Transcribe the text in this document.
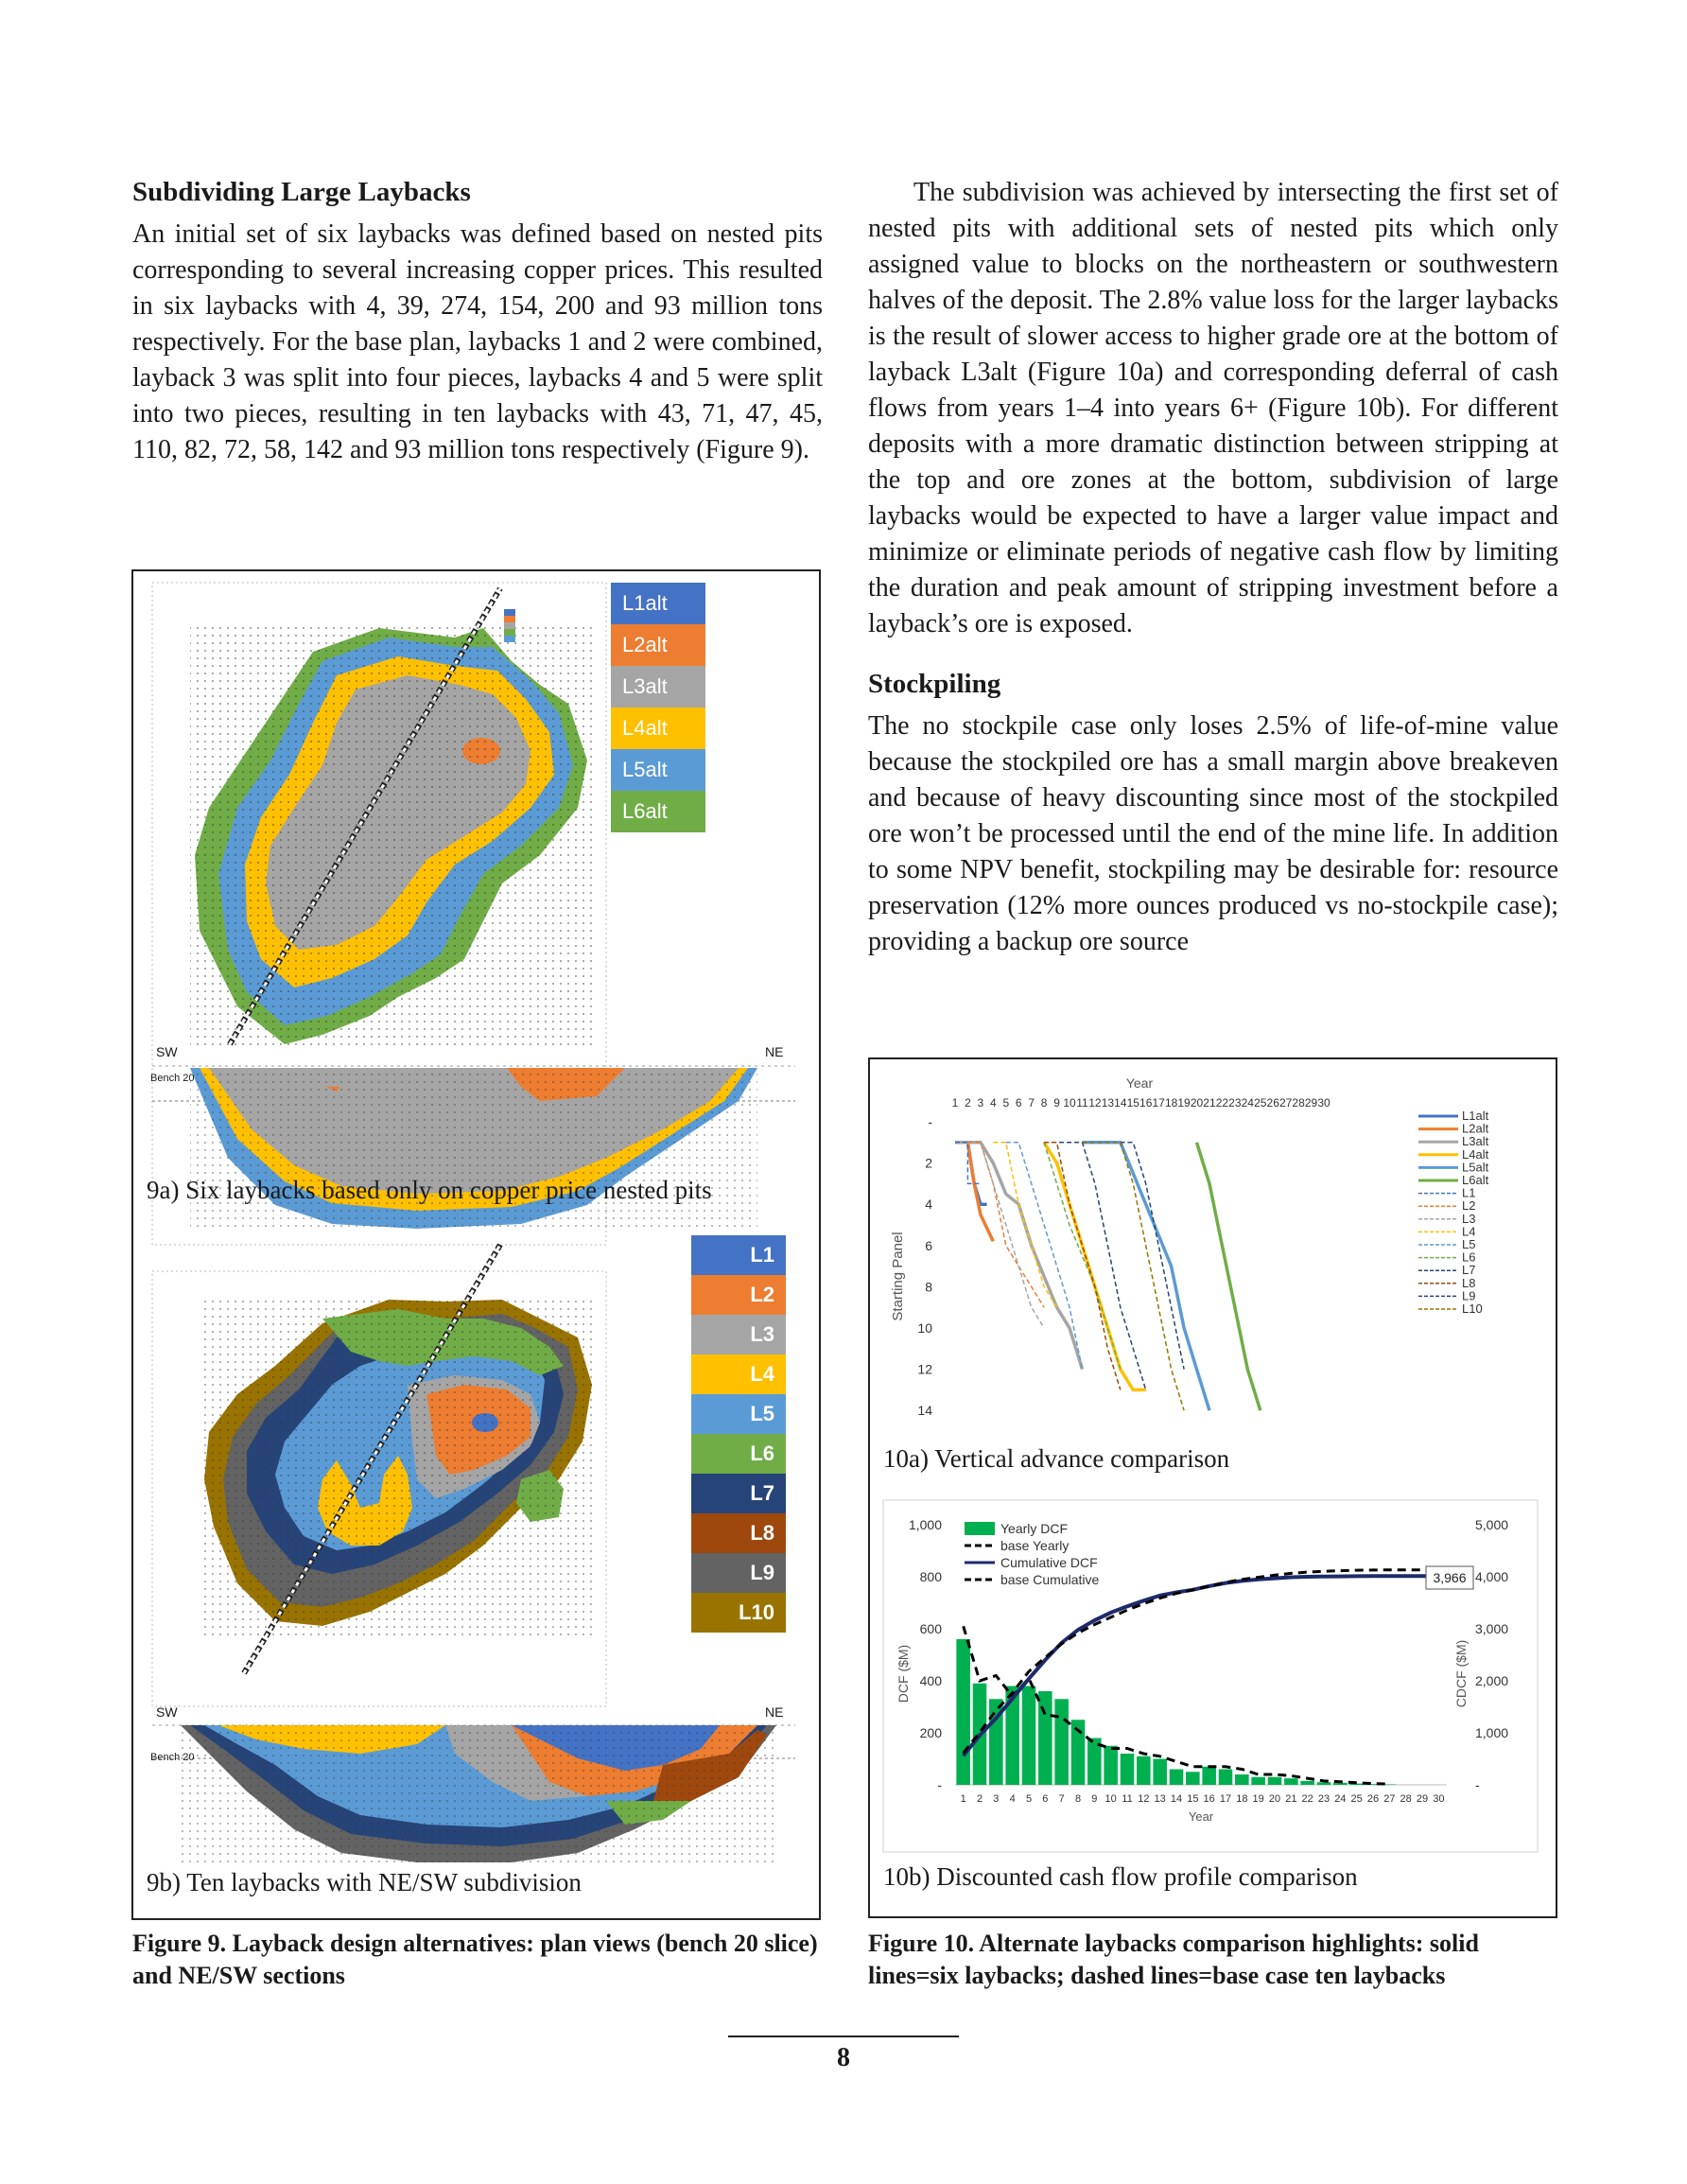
Subdividing Large Laybacks

An initial set of six laybacks was defined based on nested pits corresponding to several increasing copper prices. This resulted in six laybacks with 4, 39, 274, 154, 200 and 93 million tons respectively. For the base plan, laybacks 1 and 2 were combined, layback 3 was split into four pieces, laybacks 4 and 5 were split into two pieces, resulting in ten laybacks with 43, 71, 47, 45, 110, 82, 72, 58, 142 and 93 million tons respectively (Figure 9).

The subdivision was achieved by intersecting the first set of nested pits with additional sets of nested pits which only assigned value to blocks on the northeastern or southwestern halves of the deposit. The 2.8% value loss for the larger laybacks is the result of slower access to higher grade ore at the bottom of layback L3alt (Figure 10a) and corresponding deferral of cash flows from years 1–4 into years 6+ (Figure 10b). For different deposits with a more dramatic distinction between stripping at the top and ore zones at the bottom, subdivision of large laybacks would be expected to have a larger value impact and minimize or eliminate periods of negative cash flow by limiting the duration and peak amount of stripping investment before a layback’s ore is exposed.

Stockpiling

The no stockpile case only loses 2.5% of life-of-mine value because the stockpiled ore has a small margin above breakeven and because of heavy discounting since most of the stockpiled ore won’t be processed until the end of the mine life. In addition to some NPV benefit, stockpiling may be desirable for: resource preservation (12% more ounces produced vs no-stockpile case); providing a backup ore source

L1alt
L2alt
L3alt
L4alt
L5alt
L6alt
SW	NE
Bench 20
9a) Six laybacks based only on copper price nested pits
L1
L2
L3
L4
L5
L6
L7
L8
L9
L10
SW	NE
Bench 20
9b) Ten laybacks with NE/SW subdivision
Year
1 2 3 4 5 6 7 8 9 10 11 12 13 14 15 16 17 18 19 20 21 22 23 24 25 26 27 28 29 30
-
2
4
6
8
10
12
14
Starting Panel
L1alt
L2alt
L3alt
L4alt
L5alt
L6alt
L1
L2
L3
L4
L5
L6
L7
L8
L9
L10
10a) Vertical advance comparison
-
200
400
600
800
1,000
-
1,000
2,000
3,000
4,000
5,000
1 2 3 4 5 6 7 8 9 10 11 12 13 14 15 16 17 18 19 20 21 22 23 24 25 26 27 28 29 30
Year
DCF ($M)	CDCF ($M)
Yearly DCF
base Yearly
Cumulative DCF
base Cumulative	3,966
10b) Discounted cash flow profile comparison
Figure 9. Layback design alternatives: plan views (bench 20 slice) and NE/SW sections
Figure 10. Alternate laybacks comparison highlights: solid lines=six laybacks; dashed lines=base case ten laybacks
8
